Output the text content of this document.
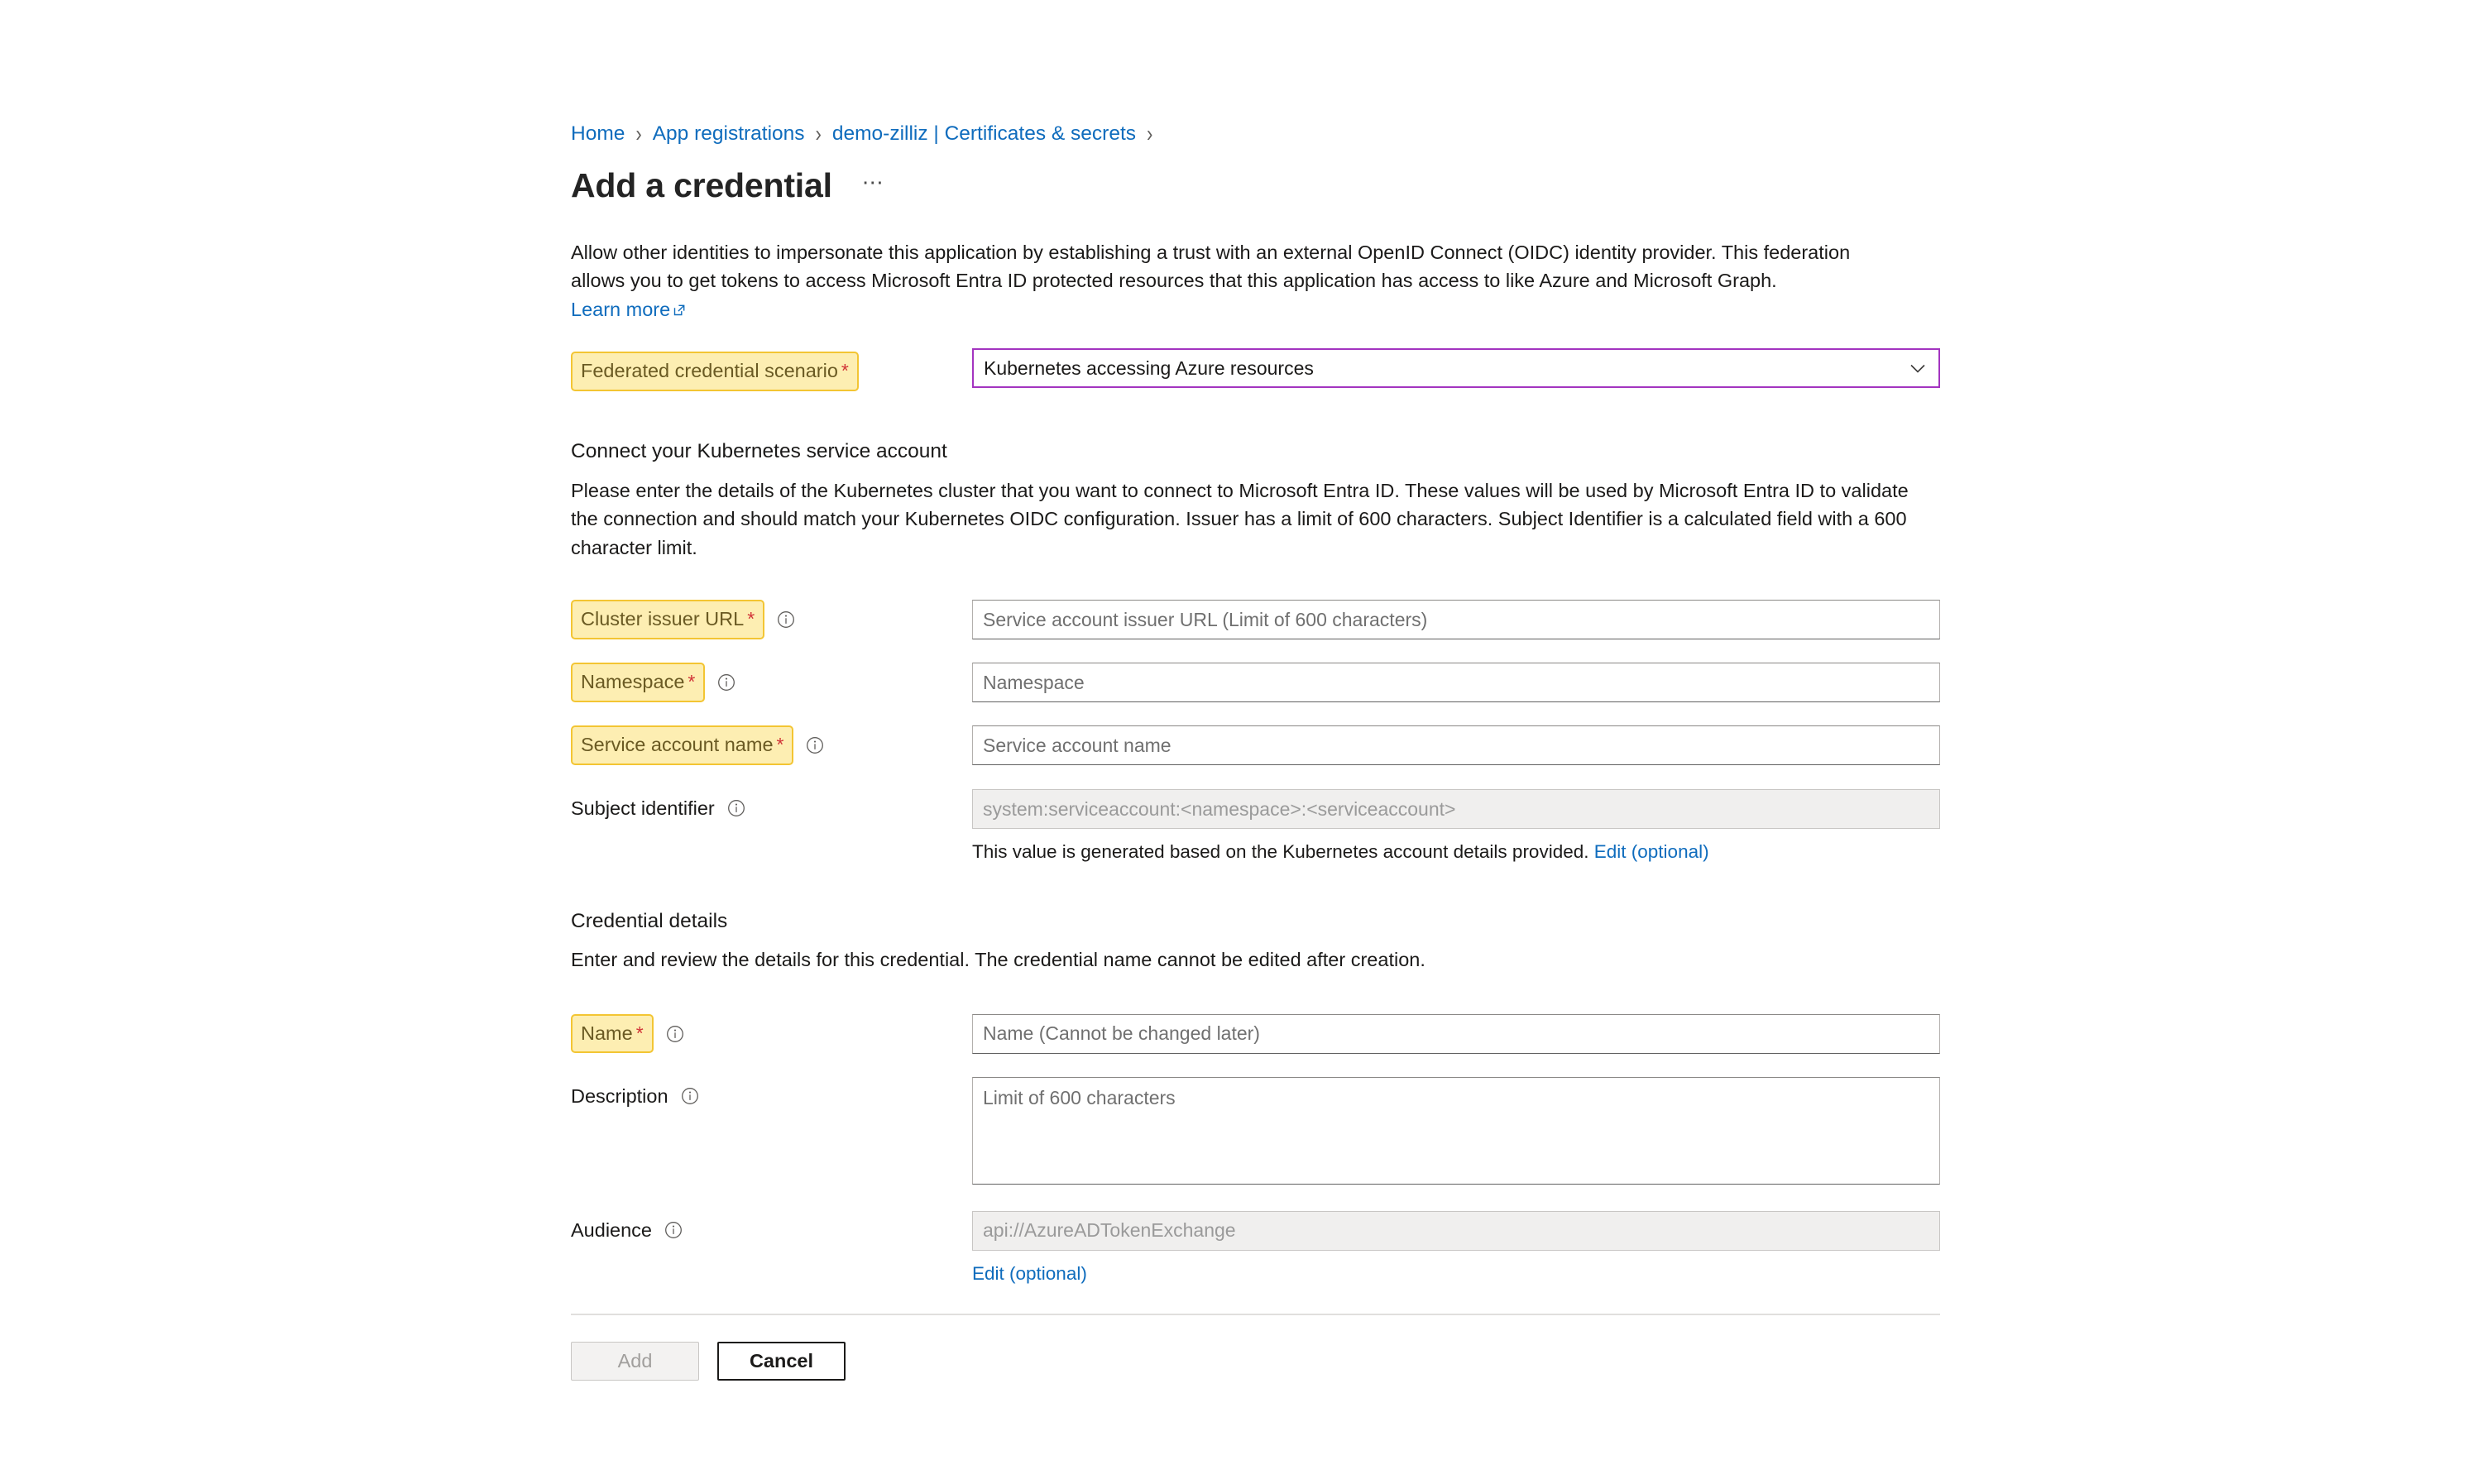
Home › App registrations › demo-zilliz | Certificates & secrets ›
Add a credential ⋯
Allow other identities to impersonate this application by establishing a trust with an external OpenID Connect (OIDC) identity provider. This federation allows you to get tokens to access Microsoft Entra ID protected resources that this application has access to like Azure and Microsoft Graph. Learn more
Federated credential scenario *	Kubernetes accessing Azure resources
Connect your Kubernetes service account
Please enter the details of the Kubernetes cluster that you want to connect to Microsoft Entra ID. These values will be used by Microsoft Entra ID to validate the connection and should match your Kubernetes OIDC configuration. Issuer has a limit of 600 characters. Subject Identifier is a calculated field with a 600 character limit.
Cluster issuer URL *	Service account issuer URL (Limit of 600 characters)
Namespace *	Namespace
Service account name *	Service account name
Subject identifier	system:serviceaccount:<namespace>:<serviceaccount>
This value is generated based on the Kubernetes account details provided. Edit (optional)
Credential details
Enter and review the details for this credential. The credential name cannot be edited after creation.
Name *	Name (Cannot be changed later)
Description	Limit of 600 characters
Audience	api://AzureADTokenExchange
Edit (optional)
Add	Cancel
